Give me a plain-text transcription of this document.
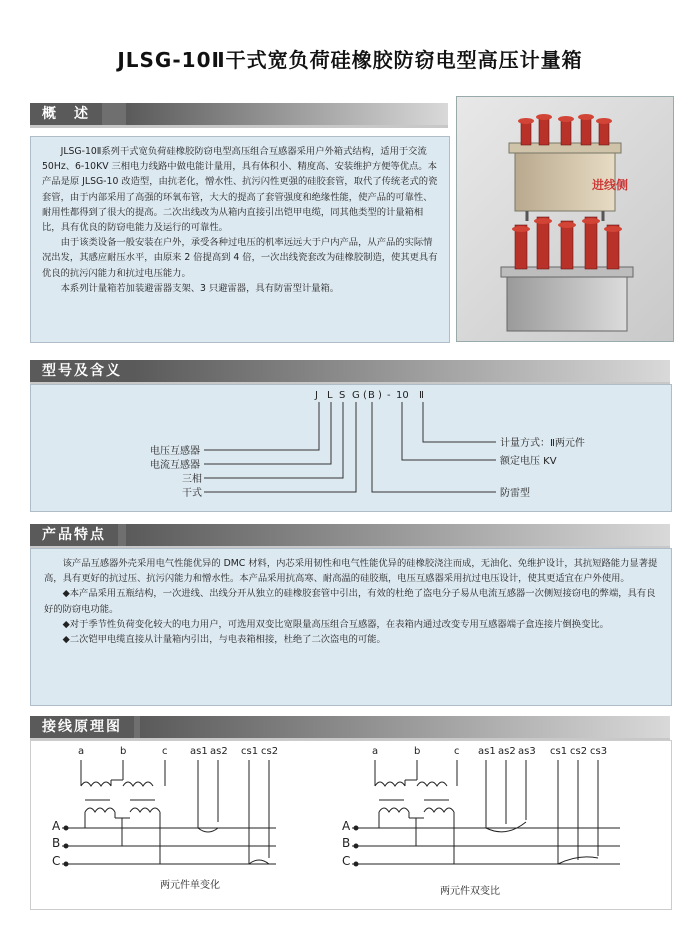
JLSG-10Ⅱ干式宽负荷硅橡胶防窃电型高压计量箱
概　述

JLSG-10Ⅱ系列干式宽负荷硅橡胶防窃电型高压组合互感器采用户外箱式结构，适用于交流 50Hz、6-10KV 三相电力线路中做电能计量用，具有体积小、精度高、安装维护方便等优点。本产品是原 JLSG-10 改造型，由抗老化，憎水性、抗污闪性更强的硅胶套管，取代了传统老式的瓷套管，由于内部采用了高强的环氧布管，大大的提高了套管强度和绝缘性能，使产品的可靠性、耐用性都得到了很大的提高。二次出线改为从箱内直接引出铠甲电缆，同其他类型的计量箱相比，具有优良的防窃电能力及运行的可靠性。

由于该类设备一般安装在户外，承受各种过电压的机率远远大于户内产品，从产品的实际情况出发，其感应耐压水平，由原来 2 倍提高到 4 倍，一次出线瓷套改为硅橡胶制造，使其更具有优良的抗污闪能力和抗过电压能力。

本系列计量箱若加装避雷器支架、3 只避雷器，具有防雷型计量箱。

进线侧
型号及含义
J L S G ( B ) - 10 Ⅱ
电压互感器
电流互感器
三相
干式
计量方式：Ⅱ两元件
额定电压 KV
防雷型
产品特点

该产品互感器外壳采用电气性能优异的 DMC 材料，内芯采用韧性和电气性能优异的硅橡胶浇注而成，无油化、免维护设计，其抗短路能力显著提高，具有更好的抗过压、抗污闪能力和憎水性。本产品采用抗高寒、耐高温的硅胶瓶，电压互感器采用抗过电压设计，使其更适宜在户外使用。

◆本产品采用五瓶结构，一次进线、出线分开从独立的硅橡胶套管中引出，有效的杜绝了盗电分子易从电流互感器一次侧短接窃电的弊端，具有良好的防窃电功能。

◆对于季节性负荷变化较大的电力用户，可选用双变比宽限量高压组合互感器，在表箱内通过改变专用互感器端子盒连接片倒换变比。

◆二次铠甲电缆直接从计量箱内引出，与电表箱相接，杜绝了二次盗电的可能。

接线原理图
a	b	c as1 as2 cs1 cs2
A
B
C
两元件单变化
a	b	c as1 as2 as3 cs1 cs2 cs3
A
B
C
两元件双变比
